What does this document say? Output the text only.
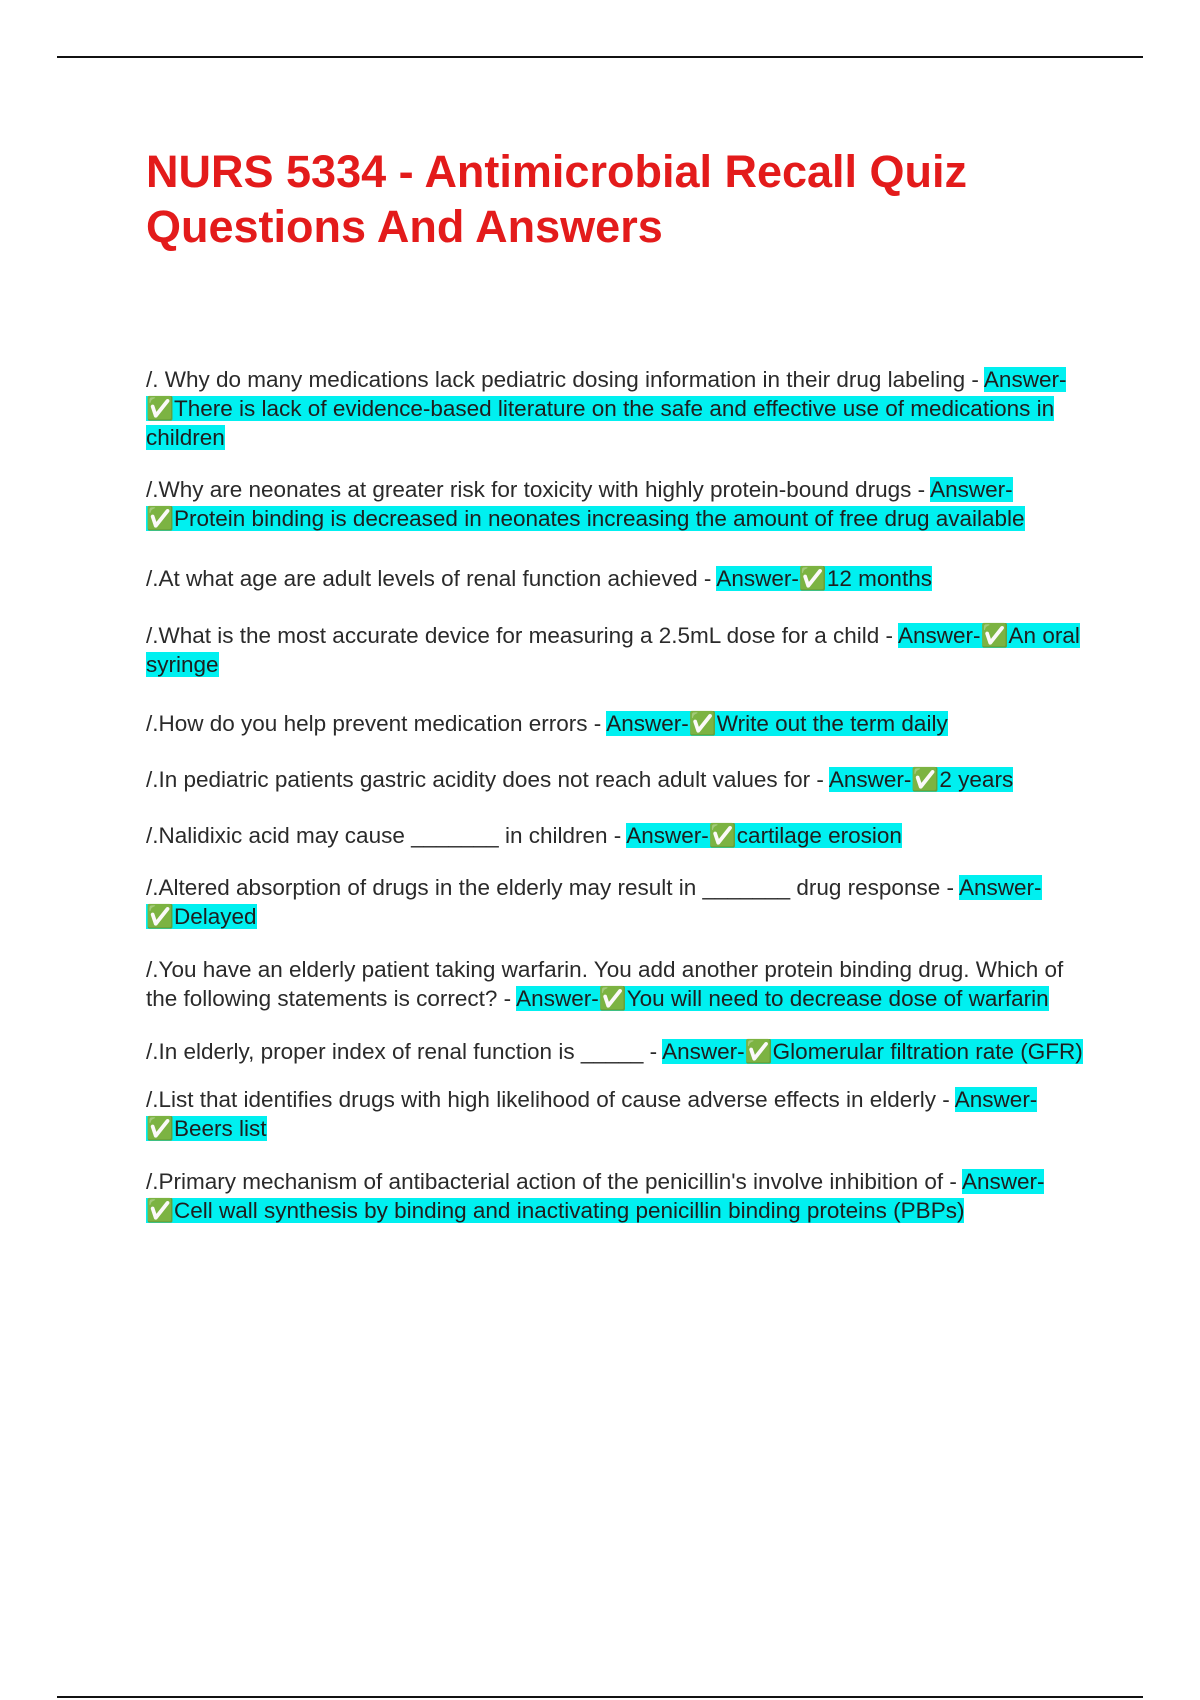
NURS 5334 - Antimicrobial Recall Quiz Questions And Answers

/. Why do many medications lack pediatric dosing information in their drug labeling - Answer-✅There is lack of evidence-based literature on the safe and effective use of medications in children

/.Why are neonates at greater risk for toxicity with highly protein-bound drugs - Answer-✅Protein binding is decreased in neonates increasing the amount of free drug available

/.At what age are adult levels of renal function achieved - Answer-✅12 months

/.What is the most accurate device for measuring a 2.5mL dose for a child - Answer-✅An oral syringe

/.How do you help prevent medication errors - Answer-✅Write out the term daily

/.In pediatric patients gastric acidity does not reach adult values for - Answer-✅2 years

/.Nalidixic acid may cause _______ in children - Answer-✅cartilage erosion

/.Altered absorption of drugs in the elderly may result in _______ drug response - Answer-✅Delayed

/.You have an elderly patient taking warfarin. You add another protein binding drug. Which of the following statements is correct? - Answer-✅You will need to decrease dose of warfarin

/.In elderly, proper index of renal function is _____ - Answer-✅Glomerular filtration rate (GFR)

/.List that identifies drugs with high likelihood of cause adverse effects in elderly - Answer-✅Beers list

/.Primary mechanism of antibacterial action of the penicillin's involve inhibition of - Answer-✅Cell wall synthesis by binding and inactivating penicillin binding proteins (PBPs)
